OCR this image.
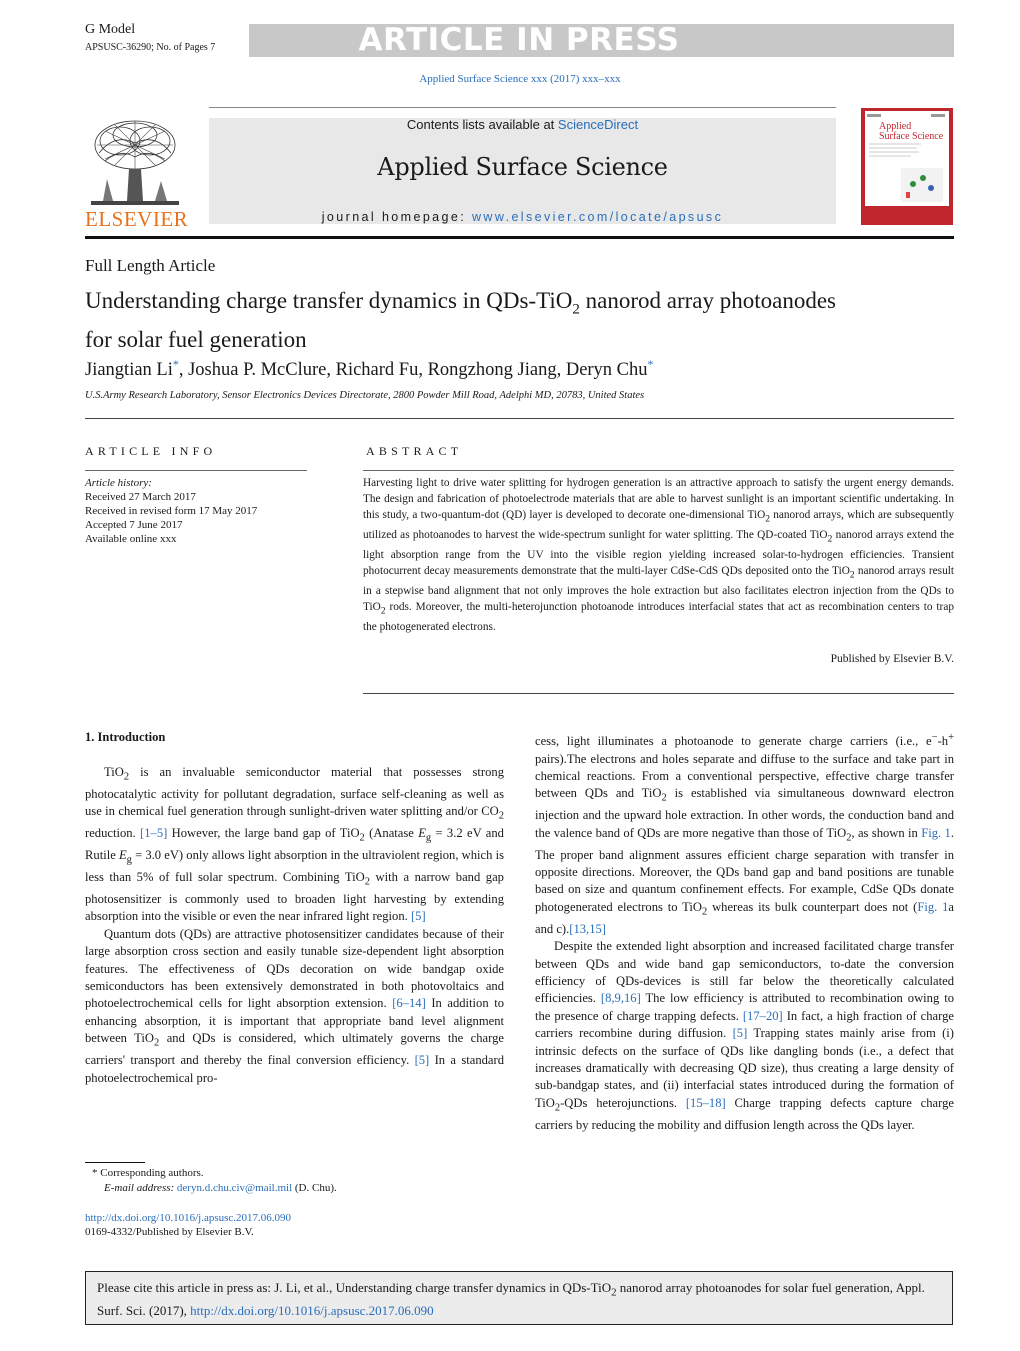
G Model
APSUSC-36290; No. of Pages 7	ARTICLE IN PRESS
Applied Surface Science xxx (2017) xxx–xxx
ELSEVIER
Contents lists available at ScienceDirect
Applied Surface Science
journal homepage: www.elsevier.com/locate/apsusc
Applied
Surface Science
Full Length Article
Understanding charge transfer dynamics in QDs-TiO$_2$ nanorod array photoanodes for solar fuel generation
Jiangtian Li*, Joshua P. McClure, Richard Fu, Rongzhong Jiang, Deryn Chu*
U.S.Army Research Laboratory, Sensor Electronics Devices Directorate, 2800 Powder Mill Road, Adelphi MD, 20783, United States
ARTICLE INFO	ABSTRACT
Article history:
Received 27 March 2017
Received in revised form 17 May 2017
Accepted 7 June 2017
Available online xxx
Harvesting light to drive water splitting for hydrogen generation is an attractive approach to satisfy the urgent energy demands. The design and fabrication of photoelectrode materials that are able to harvest sunlight is an important scientific undertaking. In this study, a two-quantum-dot (QD) layer is developed to decorate one-dimensional TiO$_2$ nanorod arrays, which are subsequently utilized as photoanodes to harvest the wide-spectrum sunlight for water splitting. The QD-coated TiO$_2$ nanorod arrays extend the light absorption range from the UV into the visible region yielding increased solar-to-hydrogen efficiencies. Transient photocurrent decay measurements demonstrate that the multi-layer CdSe-CdS QDs deposited onto the TiO$_2$ nanorod arrays result in a stepwise band alignment that not only improves the hole extraction but also facilitates electron injection from the QDs to TiO$_2$ rods. Moreover, the multi-heterojunction photoanode introduces interfacial states that act as recombination centers to trap the photogenerated electrons.
Published by Elsevier B.V.
1. Introduction

TiO$_2$ is an invaluable semiconductor material that possesses strong photocatalytic activity for pollutant degradation, surface self-cleaning as well as use in chemical fuel generation through sunlight-driven water splitting and/or $CO_2$ reduction. [1–5] However, the large band gap of TiO$_2$ (Anatase $E_g = 3.2$ eV and Rutile $E_g = 3.0$ eV) only allows light absorption in the ultraviolent region, which is less than 5% of full solar spectrum. Combining TiO$_2$ with a narrow band gap photosensitizer is commonly used to broaden light harvesting by extending absorption into the visible or even the near infrared light region. [5]

Quantum dots (QDs) are attractive photosensitizer candidates because of their large absorption cross section and easily tunable size-dependent light absorption features. The effectiveness of QDs decoration on wide bandgap oxide semiconductors has been extensively demonstrated in both photovoltaics and photoelectrochemical cells for light absorption extension. [6–14] In addition to enhancing absorption, it is important that appropriate band level alignment between TiO$_2$ and QDs is considered, which ultimately governs the charge carriers' transport and thereby the final conversion efficiency. [5] In a standard photoelectrochemical pro-

cess, light illuminates a photoanode to generate charge carriers (i.e., e−-h+ pairs).The electrons and holes separate and diffuse to the surface and take part in chemical reactions. From a conventional perspective, effective charge transfer between QDs and TiO$_2$ is established via simultaneous downward electron injection and the upward hole extraction. In other words, the conduction band and the valence band of QDs are more negative than those of TiO$_2$, as shown in Fig. 1. The proper band alignment assures efficient charge separation with transfer in opposite directions. Moreover, the QDs band gap and band positions are tunable based on size and quantum confinement effects. For example, CdSe QDs donate photogenerated electrons to TiO$_2$ whereas its bulk counterpart does not (Fig. 1a and c).[13,15]

Despite the extended light absorption and increased facilitated charge transfer between QDs and wide band gap semiconductors, to-date the conversion efficiency of QDs-devices is still far below the theoretically calculated efficiencies. [8,9,16] The low efficiency is attributed to recombination owing to the presence of charge trapping defects. [17–20] In fact, a high fraction of charge carriers recombine during diffusion. [5] Trapping states mainly arise from (i) intrinsic defects on the surface of QDs like dangling bonds (i.e., a defect that increases dramatically with decreasing QD size), thus creating a large density of sub-bandgap states, and (ii) interfacial states introduced during the formation of TiO$_2$-QDs heterojunctions. [15–18] Charge trapping defects capture charge carriers by reducing the mobility and diffusion length across the QDs layer.

* Corresponding authors.
E-mail address: deryn.d.chu.civ@mail.mil (D. Chu).
http://dx.doi.org/10.1016/j.apsusc.2017.06.090
0169-4332/Published by Elsevier B.V.
Please cite this article in press as: J. Li, et al., Understanding charge transfer dynamics in QDs-TiO$_2$ nanorod array photoanodes for solar fuel generation, Appl. Surf. Sci. (2017), http://dx.doi.org/10.1016/j.apsusc.2017.06.090
